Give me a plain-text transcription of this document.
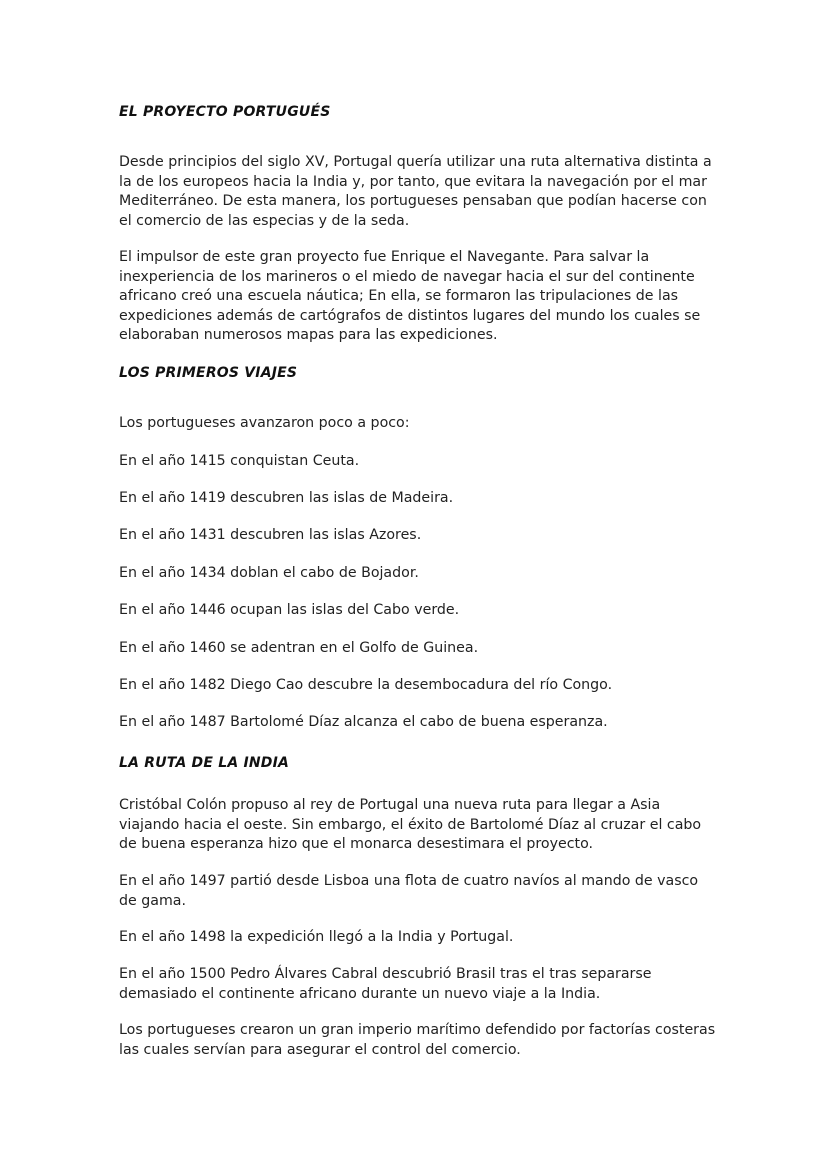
EL PROYECTO PORTUGUÉS
Desde principios del siglo XV, Portugal quería utilizar una ruta alternativa distinta a la de los europeos hacia la India y, por tanto, que evitara la navegación por el mar Mediterráneo. De esta manera, los portugueses pensaban que podían hacerse con el comercio de las especias y de la seda.
El impulsor de este gran proyecto fue Enrique el Navegante. Para salvar la inexperiencia de los marineros o el miedo de navegar hacia el sur del continente africano creó una escuela náutica; En ella, se formaron las tripulaciones de las expediciones además de cartógrafos de distintos lugares del mundo los cuales se elaboraban numerosos mapas para las expediciones.
LOS PRIMEROS VIAJES
Los portugueses avanzaron poco a poco:
En el año 1415 conquistan Ceuta.
En el año 1419 descubren las islas de Madeira.
En el año 1431 descubren las islas Azores.
En el año 1434 doblan el cabo de Bojador.
En el año 1446 ocupan las islas del Cabo verde.
En el año 1460 se adentran en el Golfo de Guinea.
En el año 1482 Diego Cao descubre la desembocadura del río Congo.
En el año 1487 Bartolomé Díaz alcanza el cabo de buena esperanza.
LA RUTA DE LA INDIA
Cristóbal Colón propuso al rey de Portugal una nueva ruta para llegar a Asia viajando hacia el oeste. Sin embargo, el éxito de Bartolomé Díaz al cruzar el cabo de buena esperanza hizo que el monarca desestimara el proyecto.
En el año 1497 partió desde Lisboa una flota de cuatro navíos al mando de vasco de gama.
En el año 1498 la expedición llegó a la India y Portugal.
En el año 1500 Pedro Álvares Cabral descubrió Brasil tras el tras separarse demasiado el continente africano durante un nuevo viaje a la India.
Los portugueses crearon un gran imperio marítimo defendido por factorías costeras las cuales servían para asegurar el control del comercio.
